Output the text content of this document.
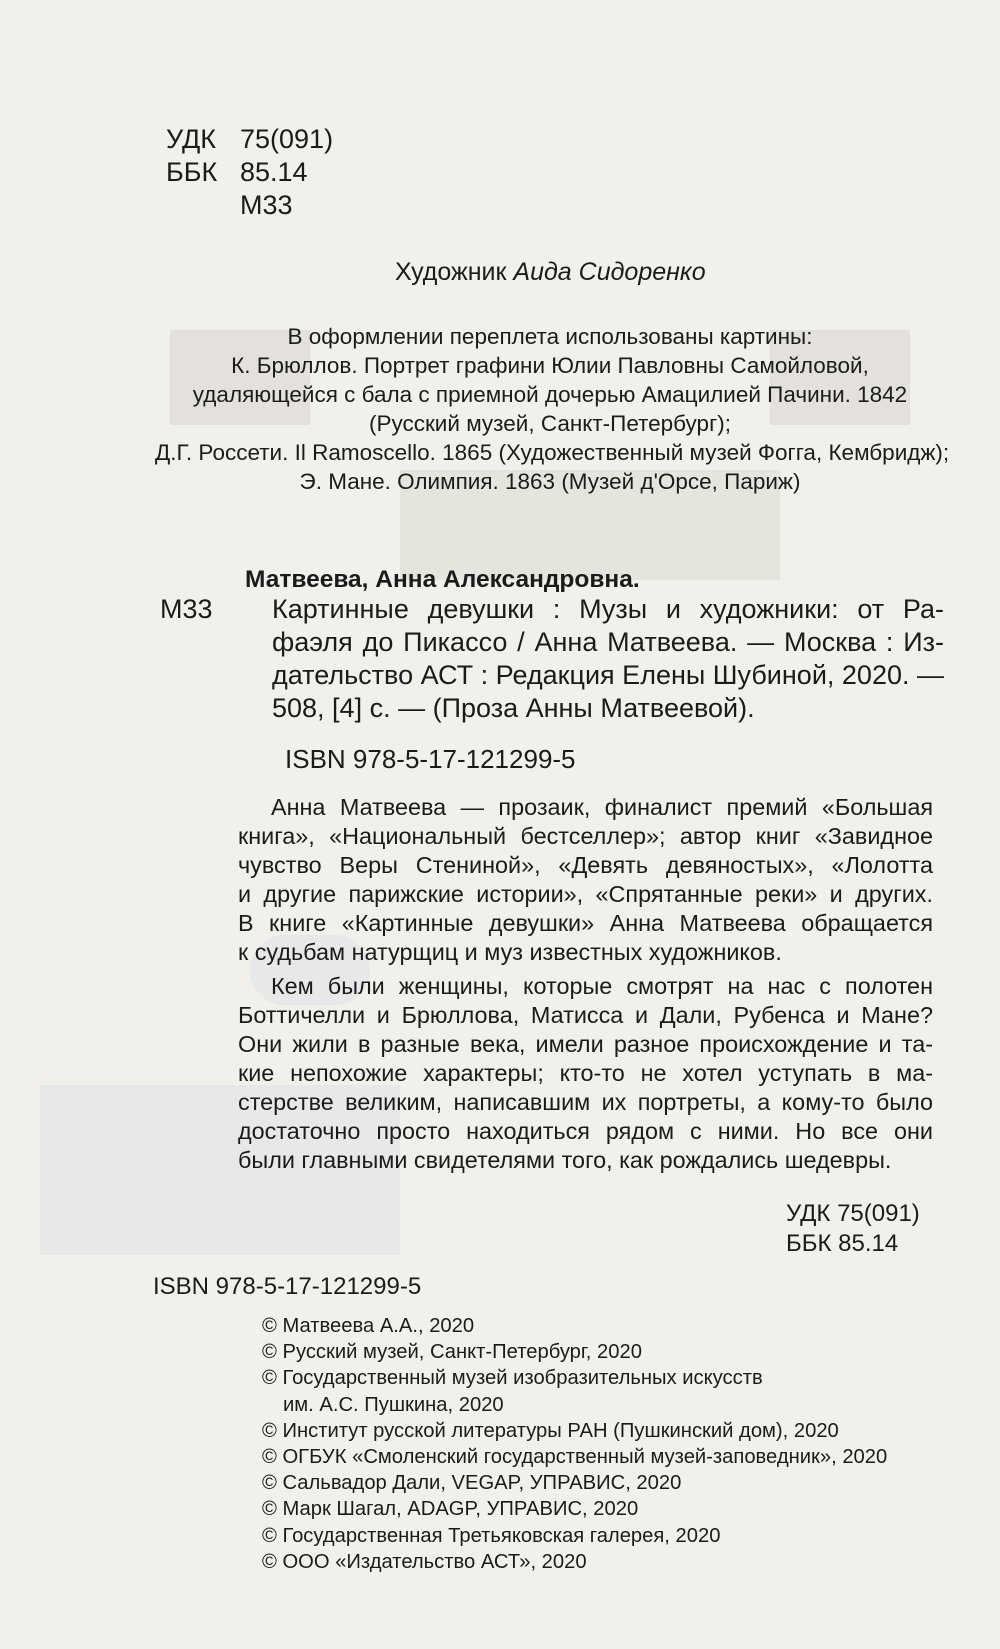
УДК 75(091)
ББК 85.14
М33
Художник Аида Сидоренко
В оформлении переплета использованы картины:
К. Брюллов. Портрет графини Юлии Павловны Самойловой,
удаляющейся с бала с приемной дочерью Амацилией Пачини. 1842
(Русский музей, Санкт-Петербург);
Д.Г. Россети. Il Ramoscello. 1865 (Художественный музей Фогга, Кембридж);
Э. Мане. Олимпия. 1863 (Музей д'Орсе, Париж)
Матвеева, Анна Александровна.
М33 Картинные девушки : Музы и художники: от Ра-
фаэля до Пикассо / Анна Матвеева. — Москва : Из-
дательство АСТ : Редакция Елены Шубиной, 2020. —
508, [4] с. — (Проза Анны Матвеевой).
ISBN 978-5-17-121299-5
Анна Матвеева — прозаик, финалист премий «Большая
книга», «Национальный бестселлер»; автор книг «Завидное
чувство Веры Стениной», «Девять девяностых», «Лолотта
и другие парижские истории», «Спрятанные реки» и других.
В книге «Картинные девушки» Анна Матвеева обращается
к судьбам натурщиц и муз известных художников.
Кем были женщины, которые смотрят на нас с полотен
Боттичелли и Брюллова, Матисса и Дали, Рубенса и Мане?
Они жили в разные века, имели разное происхождение и та-
кие непохожие характеры; кто-то не хотел уступать в ма-
стерстве великим, написавшим их портреты, а кому-то было
достаточно просто находиться рядом с ними. Но все они
были главными свидетелями того, как рождались шедевры.
УДК 75(091)
ББК 85.14
ISBN 978-5-17-121299-5
© Матвеева А.А., 2020
© Русский музей, Санкт-Петербург, 2020
© Государственный музей изобразительных искусств
им. А.С. Пушкина, 2020
© Институт русской литературы РАН (Пушкинский дом), 2020
© ОГБУК «Смоленский государственный музей-заповедник», 2020
© Сальвадор Дали, VEGAP, УПРАВИС, 2020
© Марк Шагал, ADAGP, УПРАВИС, 2020
© Государственная Третьяковская галерея, 2020
© ООО «Издательство АСТ», 2020
